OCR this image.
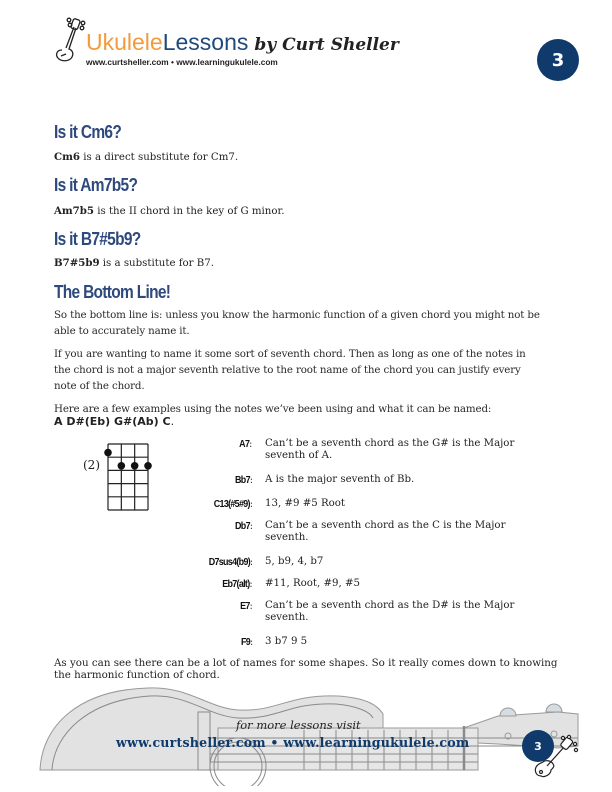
UkuleleLessons by Curt Sheller
www.curtsheller.com • www.learningukulele.com	3
Is it Cm6?
Cm6 is a direct substitute for Cm7.
Is it Am7b5?
Am7b5 is the II chord in the key of G minor.
Is it B7#5b9?
B7#5b9 is a substitute for B7.
The Bottom Line!
So the bottom line is: unless you know the harmonic function of a given chord you might not be able to accurately name it.
If you are wanting to name it some sort of seventh chord. Then as long as one of the notes in the chord is not a major seventh relative to the root name of the chord you can justify every note of the chord.
Here are a few examples using the notes we’ve been using and what it can be named:
A D#(Eb) G#(Ab) C.
(2)
A7: Can’t be a seventh chord as the G# is the Major seventh of A.
Bb7: A is the major seventh of Bb.
C13(#5#9): 13, #9 #5 Root
Db7: Can’t be a seventh chord as the C is the Major seventh.
D7sus4(b9): 5, b9, 4, b7
Eb7(alt): #11, Root, #9, #5
E7: Can’t be a seventh chord as the D# is the Major seventh.
F9: 3 b7 9 5
As you can see there can be a lot of names for some shapes. So it really comes down to knowing the harmonic function of chord.
for more lessons visit
www.curtsheller.com • www.learningukulele.com	3
